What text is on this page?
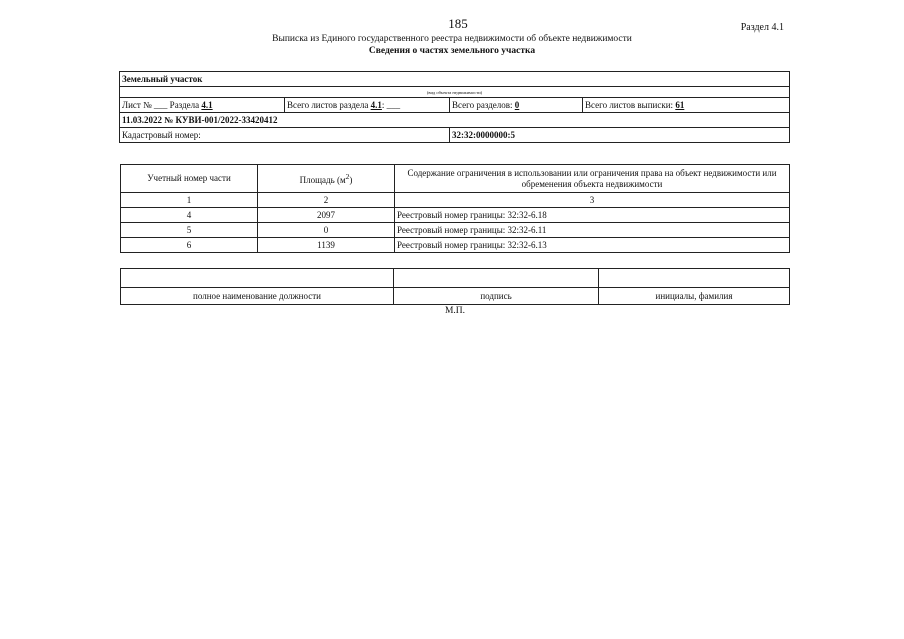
185	Раздел 4.1
Выписка из Единого государственного реестра недвижимости об объекте недвижимости
Сведения о частях земельного участка
Земельный участок			
(вид объекта недвижимости)			
Лист № ___ Раздела 4.1	Всего листов раздела 4.1: ___	Всего разделов: 0	Всего листов выписки: 61
11.03.2022 № КУВИ-001/2022-33420412			
Кадастровый номер:		32:32:0000000:5	
Учетный номер части	Площадь $(м^2)$	Содержание ограничения в использовании или ограничения права на объект недвижимости или обременения объекта недвижимости
1	2	3
4	2097	Реестровый номер границы: 32:32-6.18
5	0	Реестровый номер границы: 32:32-6.11
6	1139	Реестровый номер границы: 32:32-6.13

полное наименование должности	подпись	инициалы, фамилия
М.П.
